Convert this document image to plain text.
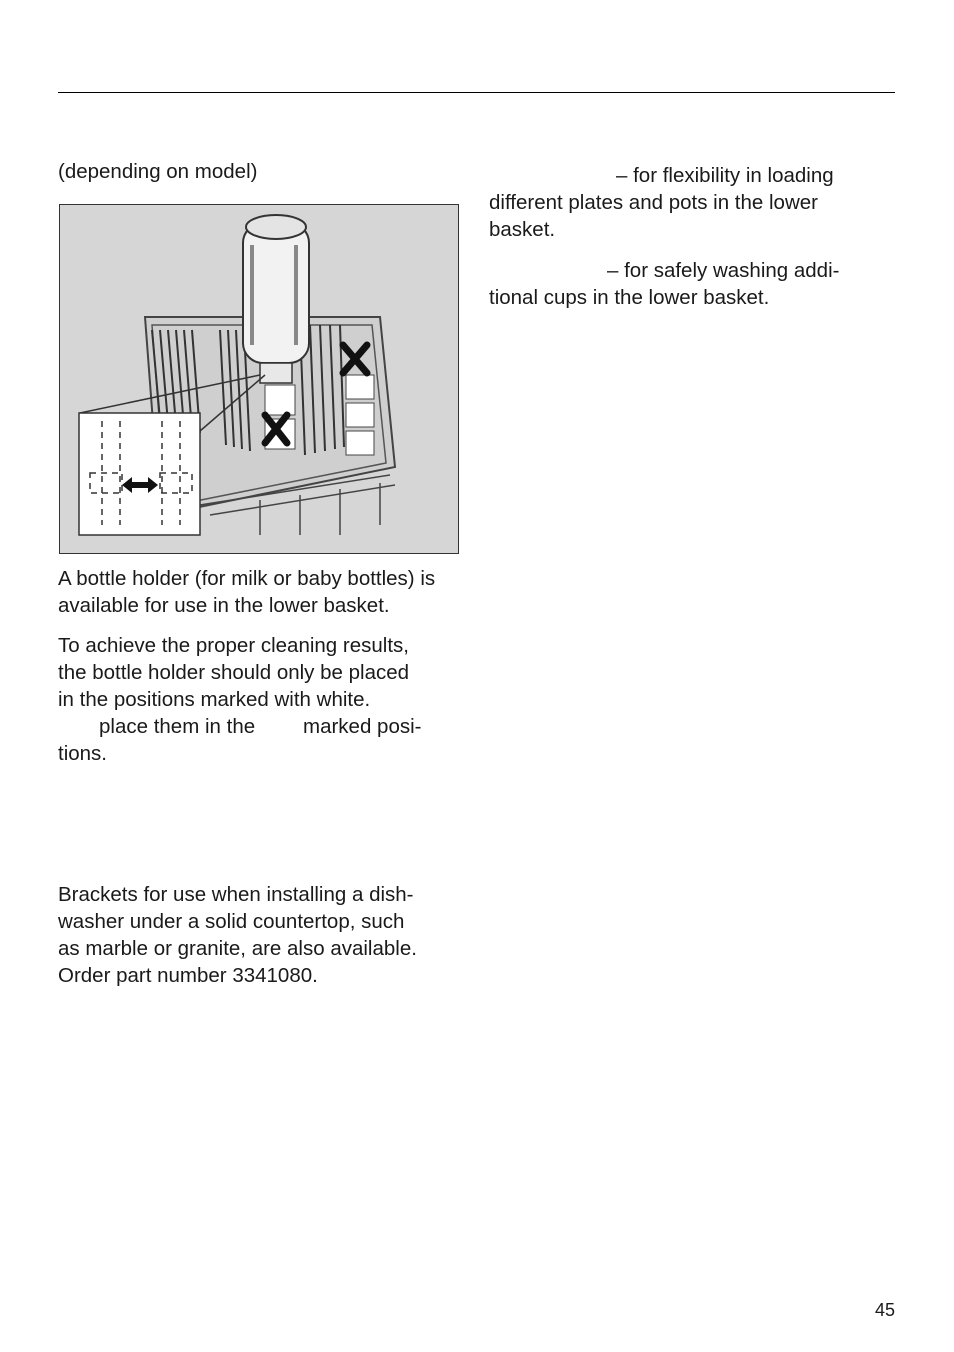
(depending on model)

A bottle holder (for milk or baby bottles) is available for use in the lower basket.

To achieve the proper cleaning results,

the bottle holder should only be placed

in the positions marked with white.

place them in the marked posi-

tions.

Brackets for use when installing a dish-

washer under a solid countertop, such

as marble or granite, are also available.

Order part number 3341080.

– for flexibility in loading

different plates and pots in the lower

basket.

– for safely washing addi-

tional cups in the lower basket.

45
